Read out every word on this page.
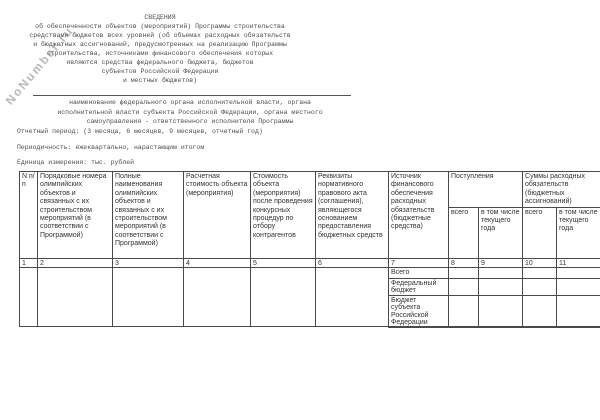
NoNumber.ru
СВЕДЕНИЯ
об обеспеченности объектов (мероприятий) Программы строительства
средствами бюджетов всех уровней (об объемах расходных обязательств
и бюджетных ассигнований, предусмотренных на реализацию Программы
строительства, источниками финансового обеспечения которых
являются средства федерального бюджета, бюджетов
субъектов Российской Федерации
и местных бюджетов)
наименование федерального органа исполнительной власти, органа
исполнительной власти субъекта Российской Федерации, органа местного
самоуправления - ответственного исполнителя Программы
Отчетный период: (3 месяца, 6 месяцев, 9 месяцев, отчетный год)
Периодичность: ежеквартально, нарастающим итогом
Единица измерения: тыс. рублей
N п/п	Порядковые номера олимпийских объектов и связанных с их строительством мероприятий (в соответствии с Программой)	Полные наименования олимпийских объектов и связанных с их строительством мероприятий (в соответствии с Программой)	Расчетная стоимость объекта (мероприятия)	Стоимость объекта (мероприятия) после проведения конкурсных процедур по отбору контрагентов	Реквизиты нормативного правового акта (соглашения), являющегося основанием предоставления бюджетных средств	Источник финансового обеспечения расходных обязательств (бюджетные средства)	Поступления		Суммы расходных обязательств (бюджетных ассигнований)		
							всего	в том числе текущего года	всего	в том числе текущего года	
1	2	3	4	5	6	7	8	9	10	11	
						Всего					
						Федеральный бюджет					
						Бюджет субъекта Российской Федерации					
